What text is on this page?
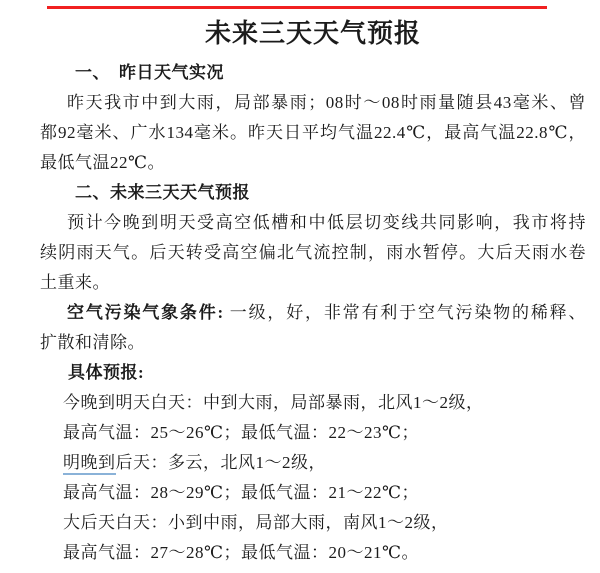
未来三天天气预报
一、　昨日天气实况
昨天我市中到大雨，局部暴雨；08时～08时雨量随县43毫米、曾
都92毫米、广水134毫米。昨天日平均气温22.4℃，最高气温22.8℃，
最低气温22℃。
二、未来三天天气预报
预计今晚到明天受高空低槽和中低层切变线共同影响，我市将持
续阴雨天气。后天转受高空偏北气流控制，雨水暂停。大后天雨水卷
土重来。
空气污染气象条件: 一级，好，非常有利于空气污染物的稀释、
扩散和清除。
具体预报:
今晚到明天白天：中到大雨，局部暴雨，北风1～2级，
最高气温：25～26℃；最低气温：22～23℃；
明晚到后天：多云，北风1～2级，
最高气温：28～29℃；最低气温：21～22℃；
大后天白天：小到中雨，局部大雨，南风1～2级，
最高气温：27～28℃；最低气温：20～21℃。
